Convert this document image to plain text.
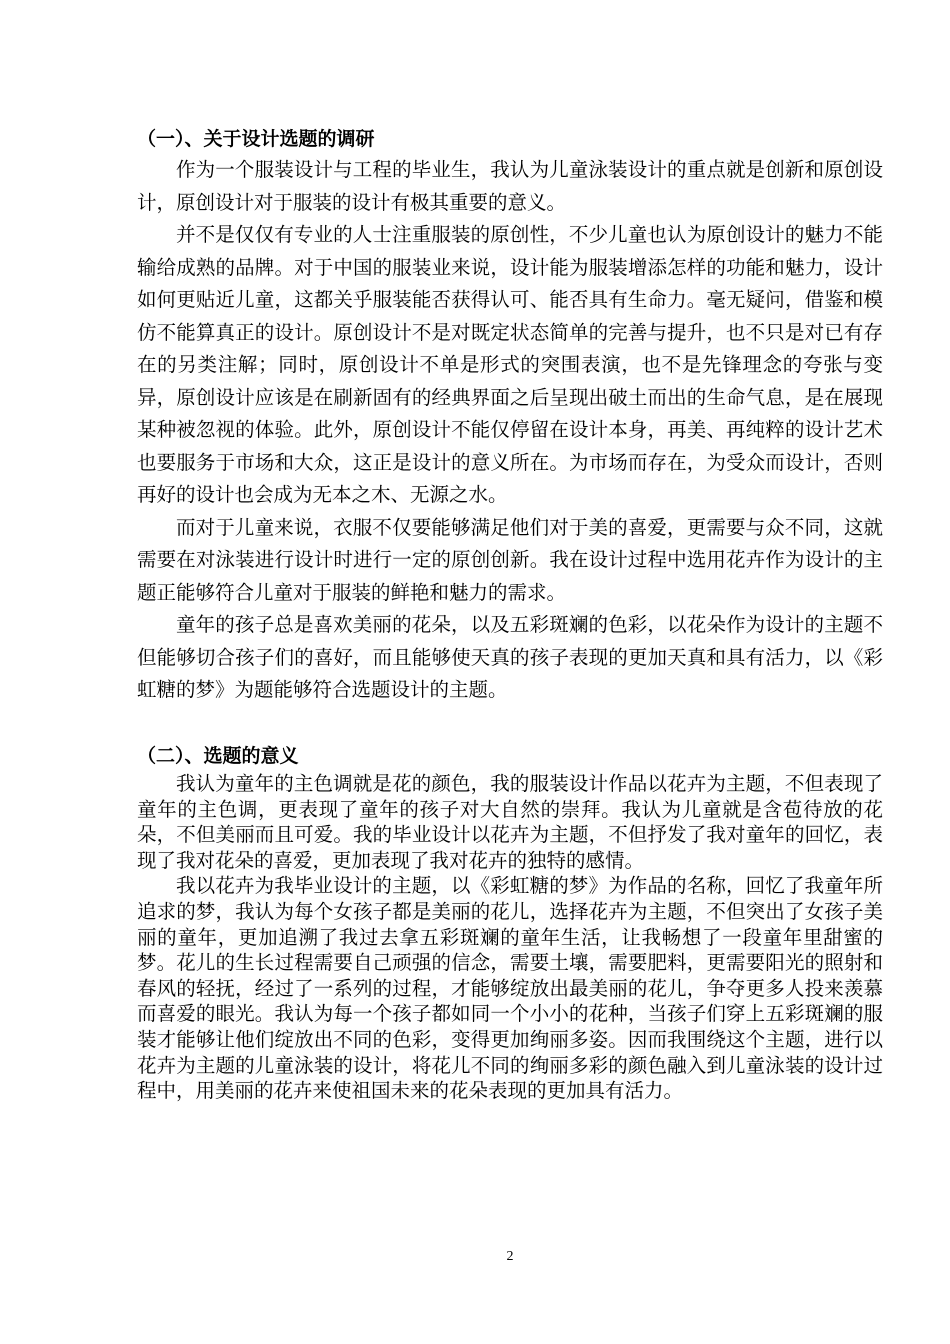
（一）、关于设计选题的调研

作为一个服装设计与工程的毕业生，我认为儿童泳装设计的重点就是创新和原创设计，原创设计对于服装的设计有极其重要的意义。

并不是仅仅有专业的人士注重服装的原创性，不少儿童也认为原创设计的魅力不能输给成熟的品牌。对于中国的服装业来说，设计能为服装增添怎样的功能和魅力，设计如何更贴近儿童，这都关乎服装能否获得认可、能否具有生命力。毫无疑问，借鉴和模仿不能算真正的设计。原创设计不是对既定状态简单的完善与提升，也不只是对已有存在的另类注解；同时，原创设计不单是形式的突围表演，也不是先锋理念的夸张与变异，原创设计应该是在刷新固有的经典界面之后呈现出破土而出的生命气息，是在展现某种被忽视的体验。此外，原创设计不能仅停留在设计本身，再美、再纯粹的设计艺术也要服务于市场和大众，这正是设计的意义所在。为市场而存在，为受众而设计，否则再好的设计也会成为无本之木、无源之水。

而对于儿童来说，衣服不仅要能够满足他们对于美的喜爱，更需要与众不同，这就需要在对泳装进行设计时进行一定的原创创新。我在设计过程中选用花卉作为设计的主题正能够符合儿童对于服装的鲜艳和魅力的需求。

童年的孩子总是喜欢美丽的花朵，以及五彩斑斓的色彩，以花朵作为设计的主题不但能够切合孩子们的喜好，而且能够使天真的孩子表现的更加天真和具有活力，以《彩虹糖的梦》为题能够符合选题设计的主题。

（二）、选题的意义

我认为童年的主色调就是花的颜色，我的服装设计作品以花卉为主题，不但表现了童年的主色调，更表现了童年的孩子对大自然的崇拜。我认为儿童就是含苞待放的花朵，不但美丽而且可爱。我的毕业设计以花卉为主题，不但抒发了我对童年的回忆，表现了我对花朵的喜爱，更加表现了我对花卉的独特的感情。

我以花卉为我毕业设计的主题，以《彩虹糖的梦》为作品的名称，回忆了我童年所追求的梦，我认为每个女孩子都是美丽的花儿，选择花卉为主题，不但突出了女孩子美丽的童年，更加追溯了我过去拿五彩斑斓的童年生活，让我畅想了一段童年里甜蜜的梦。花儿的生长过程需要自己顽强的信念，需要土壤，需要肥料，更需要阳光的照射和春风的轻抚，经过了一系列的过程，才能够绽放出最美丽的花儿，争夺更多人投来羡慕而喜爱的眼光。我认为每一个孩子都如同一个小小的花种，当孩子们穿上五彩斑斓的服装才能够让他们绽放出不同的色彩，变得更加绚丽多姿。因而我围绕这个主题，进行以花卉为主题的儿童泳装的设计，将花儿不同的绚丽多彩的颜色融入到儿童泳装的设计过程中，用美丽的花卉来使祖国未来的花朵表现的更加具有活力。

2
